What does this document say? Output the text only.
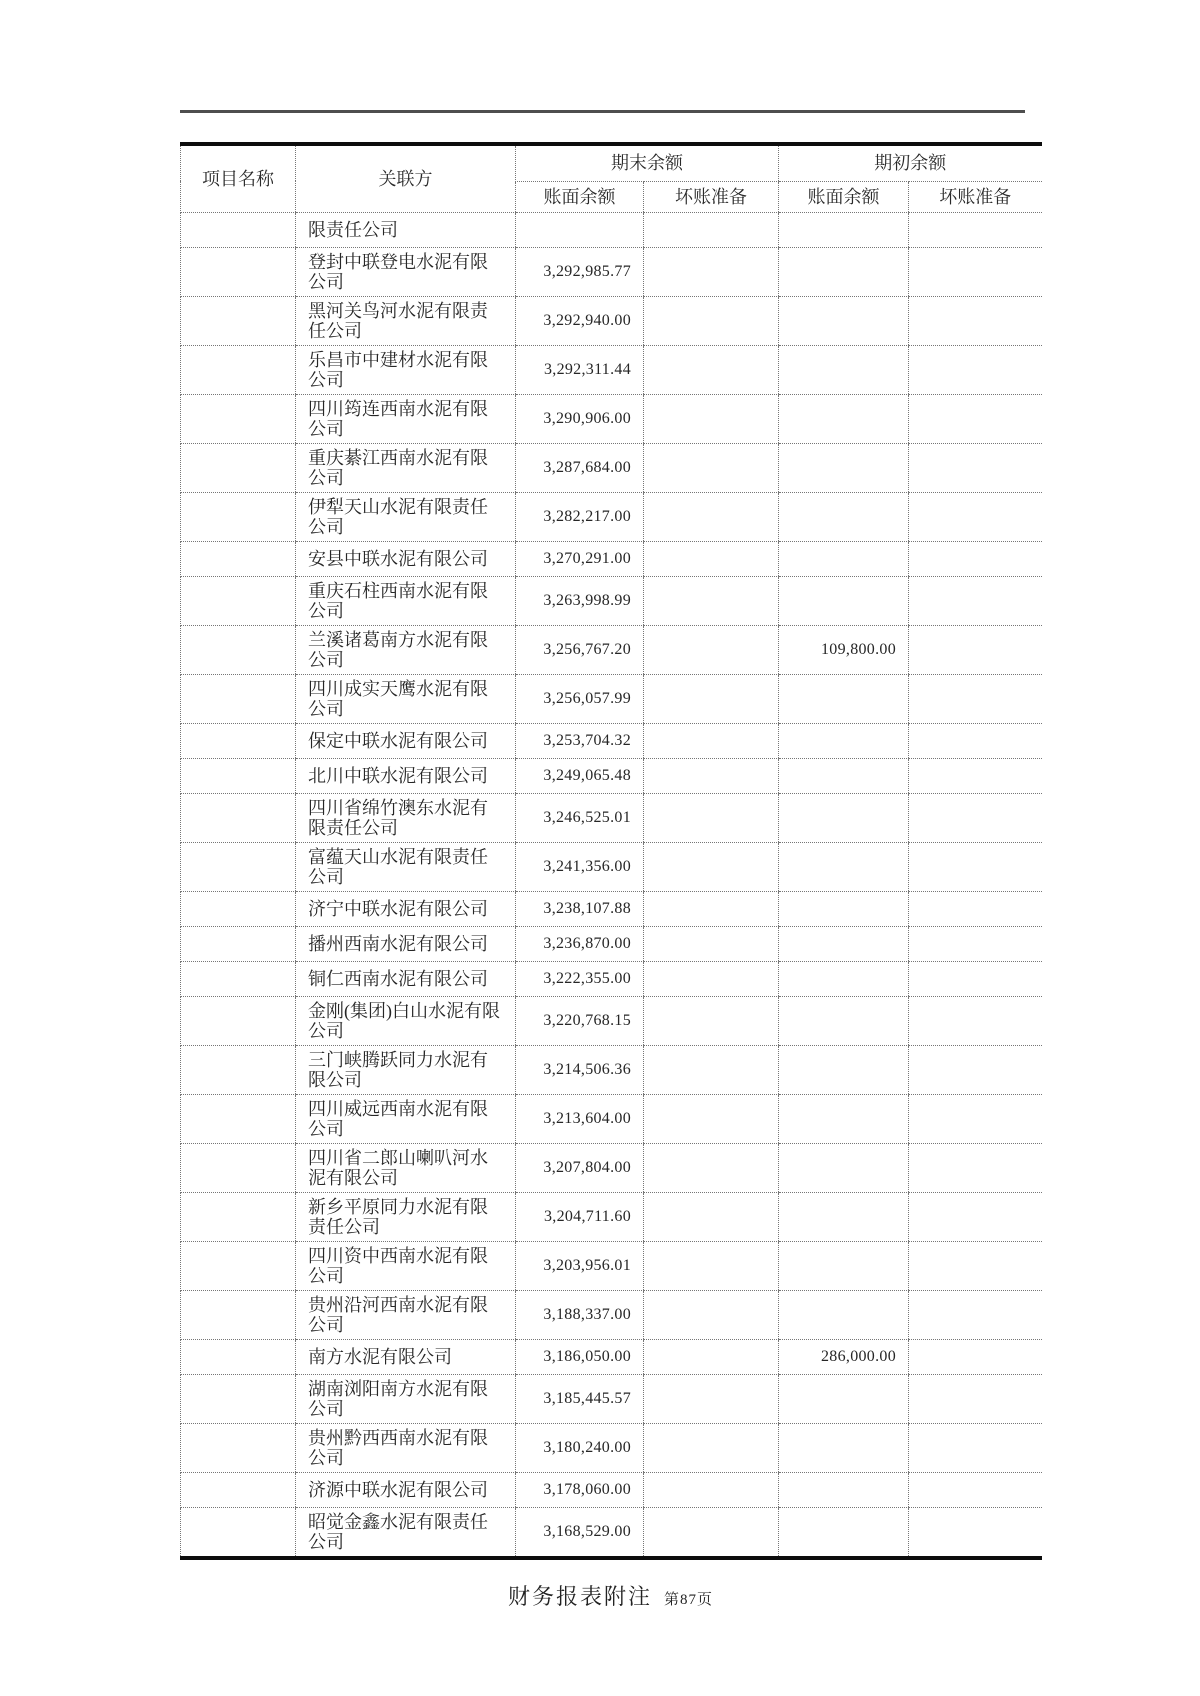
项目名称	关联方	期末余额		期初余额	
		账面余额	坏账准备	账面余额	坏账准备
	限责任公司				
	登封中联登电水泥有限公司	3,292,985.77			
	黑河关鸟河水泥有限责任公司	3,292,940.00			
	乐昌市中建材水泥有限公司	3,292,311.44			
	四川筠连西南水泥有限公司	3,290,906.00			
	重庆綦江西南水泥有限公司	3,287,684.00			
	伊犁天山水泥有限责任公司	3,282,217.00			
	安县中联水泥有限公司	3,270,291.00			
	重庆石柱西南水泥有限公司	3,263,998.99			
	兰溪诸葛南方水泥有限公司	3,256,767.20		109,800.00	
	四川成实天鹰水泥有限公司	3,256,057.99			
	保定中联水泥有限公司	3,253,704.32			
	北川中联水泥有限公司	3,249,065.48			
	四川省绵竹澳东水泥有限责任公司	3,246,525.01			
	富蕴天山水泥有限责任公司	3,241,356.00			
	济宁中联水泥有限公司	3,238,107.88			
	播州西南水泥有限公司	3,236,870.00			
	铜仁西南水泥有限公司	3,222,355.00			
	金刚(集团)白山水泥有限公司	3,220,768.15			
	三门峡腾跃同力水泥有限公司	3,214,506.36			
	四川威远西南水泥有限公司	3,213,604.00			
	四川省二郎山喇叭河水泥有限公司	3,207,804.00			
	新乡平原同力水泥有限责任公司	3,204,711.60			
	四川资中西南水泥有限公司	3,203,956.01			
	贵州沿河西南水泥有限公司	3,188,337.00			
	南方水泥有限公司	3,186,050.00		286,000.00	
	湖南浏阳南方水泥有限公司	3,185,445.57			
	贵州黔西西南水泥有限公司	3,180,240.00			
	济源中联水泥有限公司	3,178,060.00			
	昭觉金鑫水泥有限责任公司	3,168,529.00			
财务报表附注 第87页
